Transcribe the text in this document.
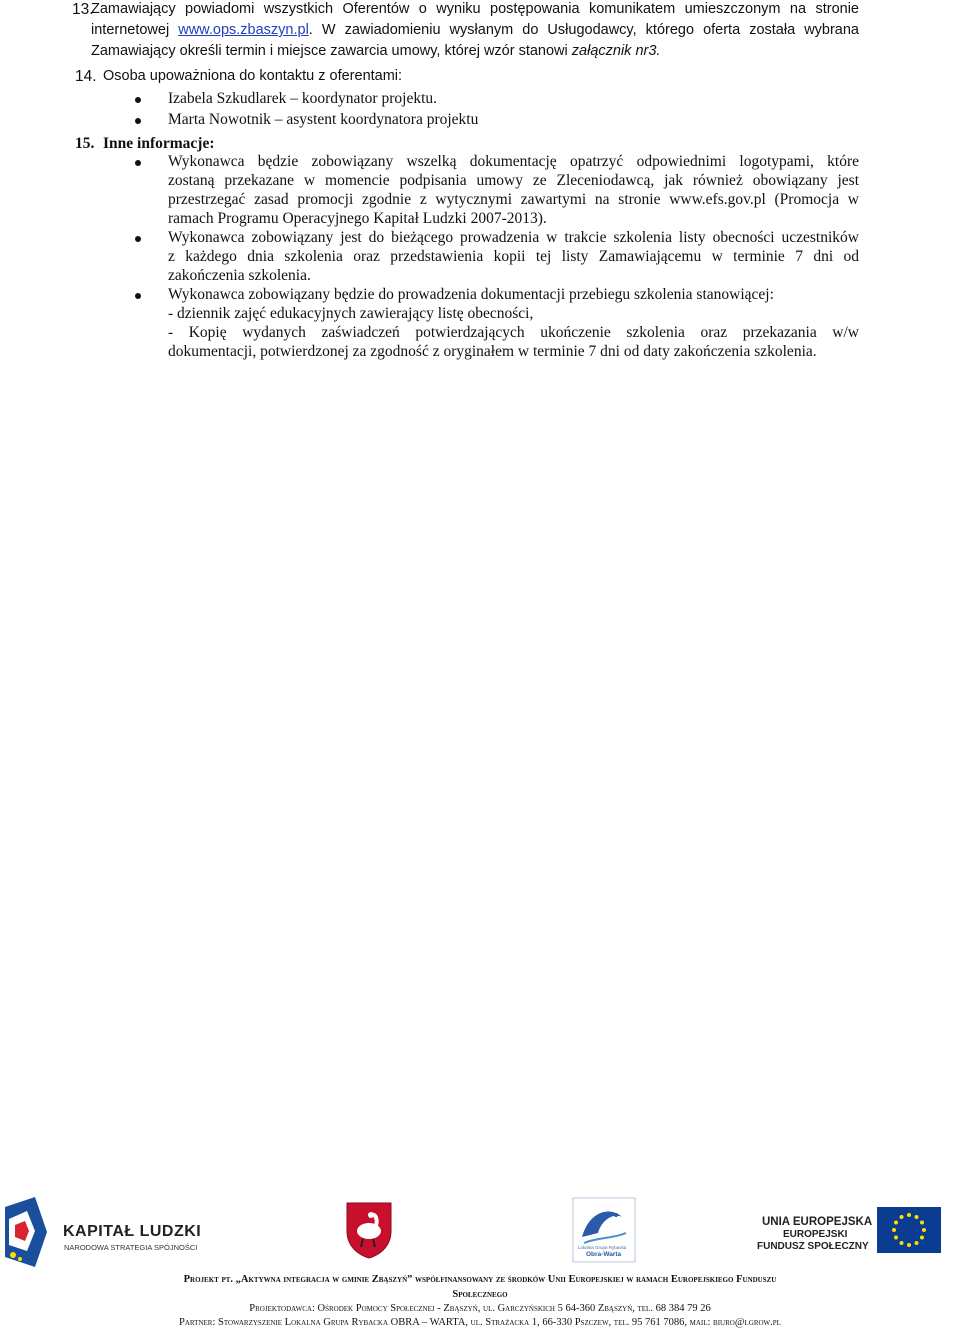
13.
Zamawiający powiadomi wszystkich Oferentów o wyniku postępowania komunikatem umieszczonym na stronie
internetowej www.ops.zbaszyn.pl. W zawiadomieniu wysłanym do Usługodawcy, którego oferta została wybrana
Zamawiający określi termin i miejsce zawarcia umowy, której wzór stanowi załącznik nr3.
14. Osoba upoważniona do kontaktu z oferentami:
Izabela Szkudlarek – koordynator projektu.
Marta Nowotnik – asystent koordynatora projektu
15. Inne informacje:
Wykonawca będzie zobowiązany wszelką dokumentację opatrzyć odpowiednimi logotypami, które
zostaną przekazane w momencie podpisania umowy ze Zleceniodawcą, jak również obowiązany jest
przestrzegać zasad promocji zgodnie z wytycznymi zawartymi na stronie www.efs.gov.pl (Promocja w
ramach Programu Operacyjnego Kapitał Ludzki 2007-2013).
Wykonawca zobowiązany jest do bieżącego prowadzenia w trakcie szkolenia listy obecności uczestników
z każdego dnia szkolenia oraz przedstawienia kopii tej listy Zamawiającemu w terminie 7 dni od
zakończenia szkolenia.
Wykonawca zobowiązany będzie do prowadzenia dokumentacji przebiegu szkolenia stanowiącej:
- dziennik zajęć edukacyjnych zawierający listę obecności,
- Kopię wydanych zaświadczeń potwierdzających ukończenie szkolenia oraz przekazania w/w
dokumentacji, potwierdzonej za zgodność z oryginałem w terminie 7 dni od daty zakończenia szkolenia.
KAPITAŁ LUDZKI
NARODOWA STRATEGIA SPÓJNOŚCI	Lokalna Grupa Rybacka
Obra-Warta
UNIA EUROPEJSKA
EUROPEJSKI
FUNDUSZ SPOŁECZNY
Projekt pt. „Aktywna integracja w gminie Zbąszyń” współfinansowany ze środków Unii Europejskiej w ramach Europejskiego Funduszu
Społecznego
Projektodawca: Ośrodek Pomocy Społecznej - Zbąszyń, ul. Garczyńskich 5 64-360 Zbąszyń, tel. 68 384 79 26
Partner: Stowarzyszenie Lokalna Grupa Rybacka OBRA – WARTA, ul. Strażacka 1, 66-330 Pszczew, tel. 95 761 7086, mail: biuro@lgrow.pl
